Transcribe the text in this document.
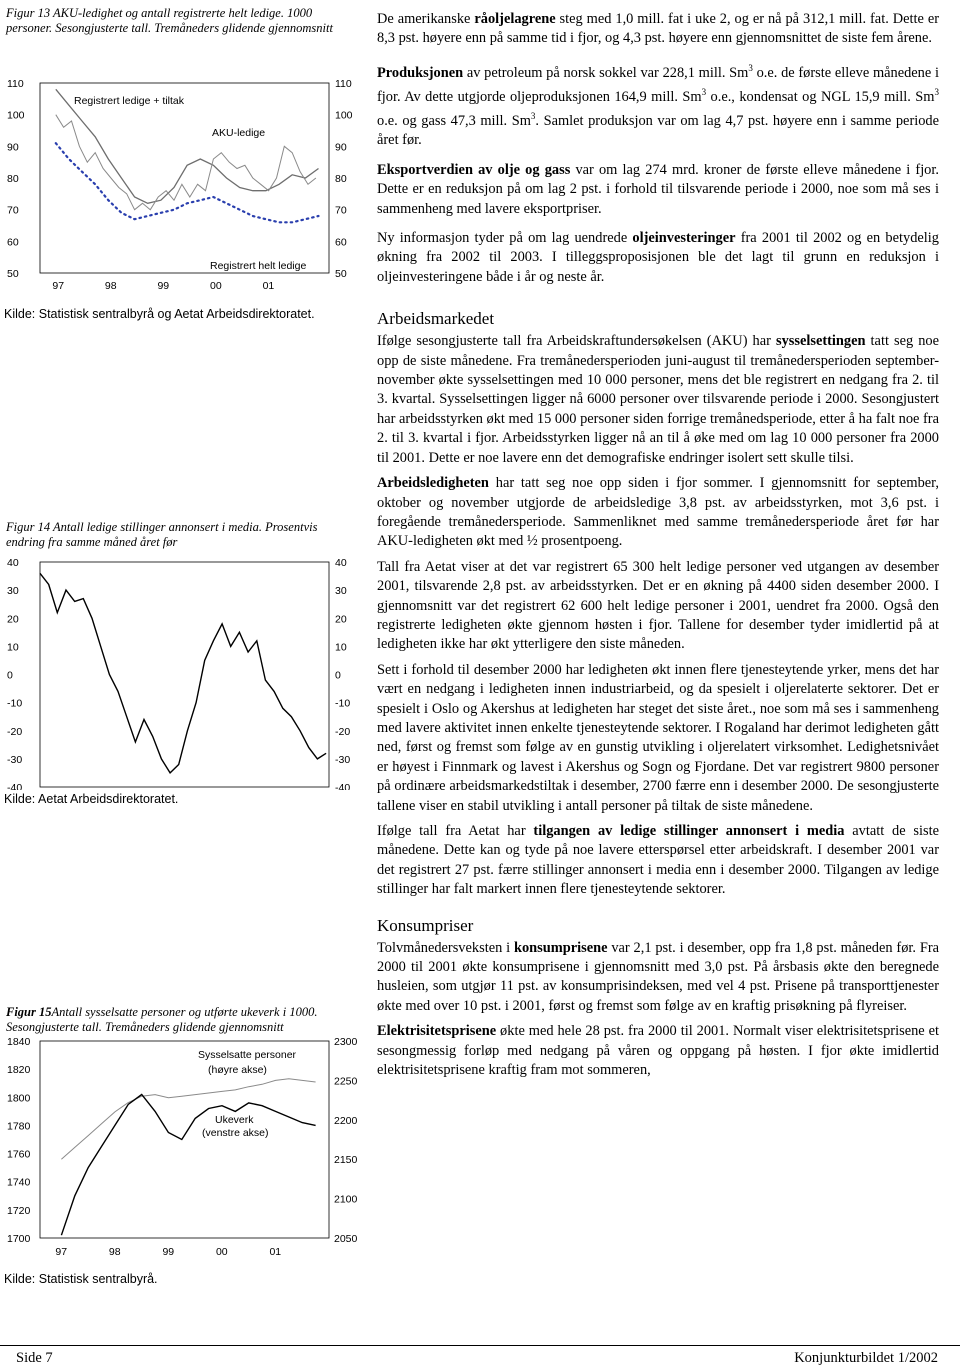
Figur 13 AKU-ledighet og antall registrerte helt ledige. 1000 personer. Sesongjusterte tall. Tremåneders glidende gjennomsnitt
50
60
70
80
90
100
110
50
60
70
80
90
100
110
97	98	99	00	01
Registrert ledige + tiltak
AKU-ledige
Registrert helt ledige
Kilde: Statistisk sentralbyrå og Aetat Arbeidsdirektoratet.
Figur 14 Antall ledige stillinger annonsert i media. Prosentvis endring fra samme måned året før
40
30
20
10
0
-10
-20
-30
-40
40
30
20
10
0
-10
-20
-30
-40
Kilde: Aetat Arbeidsdirektoratet.
Figur 15Antall sysselsatte personer og utførte ukeverk i 1000. Sesongjusterte tall. Tremåneders glidende gjennomsnitt
1700
1720
1740
1760
1780
1800
1820
1840
2050
2100
2150
2200
2250
2300
97	98	99	00	01
Sysselsatte personer
(høyre akse)
Ukeverk
(venstre akse)
Kilde: Statistisk sentralbyrå.

De amerikanske råoljelagrene steg med 1,0 mill. fat i uke 2, og er nå på 312,1 mill. fat. Dette er 8,3 pst. høyere enn på samme tid i fjor, og 4,3 pst. høyere enn gjennomsnittet de siste fem årene.

Produksjonen av petroleum på norsk sokkel var 228,1 mill. Sm$^3$ o.e. de første elleve månedene i fjor. Av dette utgjorde oljeproduksjonen 164,9 mill. Sm$^3$ o.e., kondensat og NGL 15,9 mill. Sm$^3$ o.e. og gass 47,3 mill. Sm$^3$. Samlet produksjon var om lag 4,7 pst. høyere enn i samme periode året før.

Eksportverdien av olje og gass var om lag 274 mrd. kroner de første elleve månedene i fjor. Dette er en reduksjon på om lag 2 pst. i forhold til tilsvarende periode i 2000, noe som må ses i sammenheng med lavere eksportpriser.

Ny informasjon tyder på om lag uendrede oljeinvesteringer fra 2001 til 2002 og en betydelig økning fra 2002 til 2003. I tilleggsproposisjonen ble det lagt til grunn en reduksjon i oljeinvesteringene både i år og neste år.

Arbeidsmarkedet

Ifølge sesongjusterte tall fra Arbeidskraftundersøkelsen (AKU) har sysselsettingen tatt seg noe opp de siste månedene. Fra tremånedersperioden juni-august til tremånedersperioden september-november økte sysselsettingen med 10 000 personer, mens det ble registrert en nedgang fra 2. til 3. kvartal. Sysselsettingen ligger nå 6000 personer over tilsvarende periode i 2000. Sesongjustert har arbeidsstyrken økt med 15 000 personer siden forrige tremånedsperiode, etter å ha falt noe fra 2. til 3. kvartal i fjor. Arbeidsstyrken ligger nå an til å øke med om lag 10 000 personer fra 2000 til 2001. Dette er noe lavere enn det demografiske endringer isolert sett skulle tilsi.

Arbeidsledigheten har tatt seg noe opp siden i fjor sommer. I gjennomsnitt for september, oktober og november utgjorde de arbeidsledige 3,8 pst. av arbeidsstyrken, mot 3,6 pst. i foregående tremånedersperiode. Sammenliknet med samme tremånedersperiode året før har AKU-ledigheten økt med ½ prosentpoeng.

Tall fra Aetat viser at det var registrert 65 300 helt ledige personer ved utgangen av desember 2001, tilsvarende 2,8 pst. av arbeidsstyrken. Det er en økning på 4400 siden desember 2000. I gjennomsnitt var det registrert 62 600 helt ledige personer i 2001, uendret fra 2000. Også den registrerte ledigheten økte gjennom høsten i fjor. Tallene for desember tyder imidlertid på at ledigheten ikke har økt ytterligere den siste måneden.

Sett i forhold til desember 2000 har ledigheten økt innen flere tjenesteytende yrker, mens det har vært en nedgang i ledigheten innen industriarbeid, og da spesielt i oljerelaterte sektorer. Det er spesielt i Oslo og Akershus at ledigheten har steget det siste året., noe som må ses i sammenheng med lavere aktivitet innen enkelte tjenesteytende sektorer. I Rogaland har derimot ledigheten gått ned, først og fremst som følge av en gunstig utvikling i oljerelatert virksomhet. Ledighetsnivået er høyest i Finnmark og lavest i Akershus og Sogn og Fjordane. Det var registrert 9800 personer på ordinære arbeidsmarkedstiltak i desember, 2700 færre enn i desember 2000. De sesongjusterte tallene viser en stabil utvikling i antall personer på tiltak de siste månedene.

Ifølge tall fra Aetat har tilgangen av ledige stillinger annonsert i media avtatt de siste månedene. Dette kan og tyde på noe lavere etterspørsel etter arbeidskraft. I desember 2001 var det registrert 27 pst. færre stillinger annonsert i media enn i desember 2000. Tilgangen av ledige stillinger har falt markert innen flere tjenesteytende sektorer.

Konsumpriser

Tolvmånedersveksten i konsumprisene var 2,1 pst. i desember, opp fra 1,8 pst. måneden før. Fra 2000 til 2001 økte konsumprisene i gjennomsnitt med 3,0 pst. På årsbasis økte den beregnede husleien, som utgjør 11 pst. av konsumprisindeksen, med vel 4 pst. Prisene på transporttjenester økte med over 10 pst. i 2001, først og fremst som følge av en kraftig prisøkning på flyreiser.

Elektrisitetsprisene økte med hele 28 pst. fra 2000 til 2001. Normalt viser elektrisitetsprisene et sesongmessig forløp med nedgang på våren og oppgang på høsten. I fjor økte imidlertid elektrisitetsprisene kraftig fram mot sommeren,

Side 7	Konjunkturbildet 1/2002
